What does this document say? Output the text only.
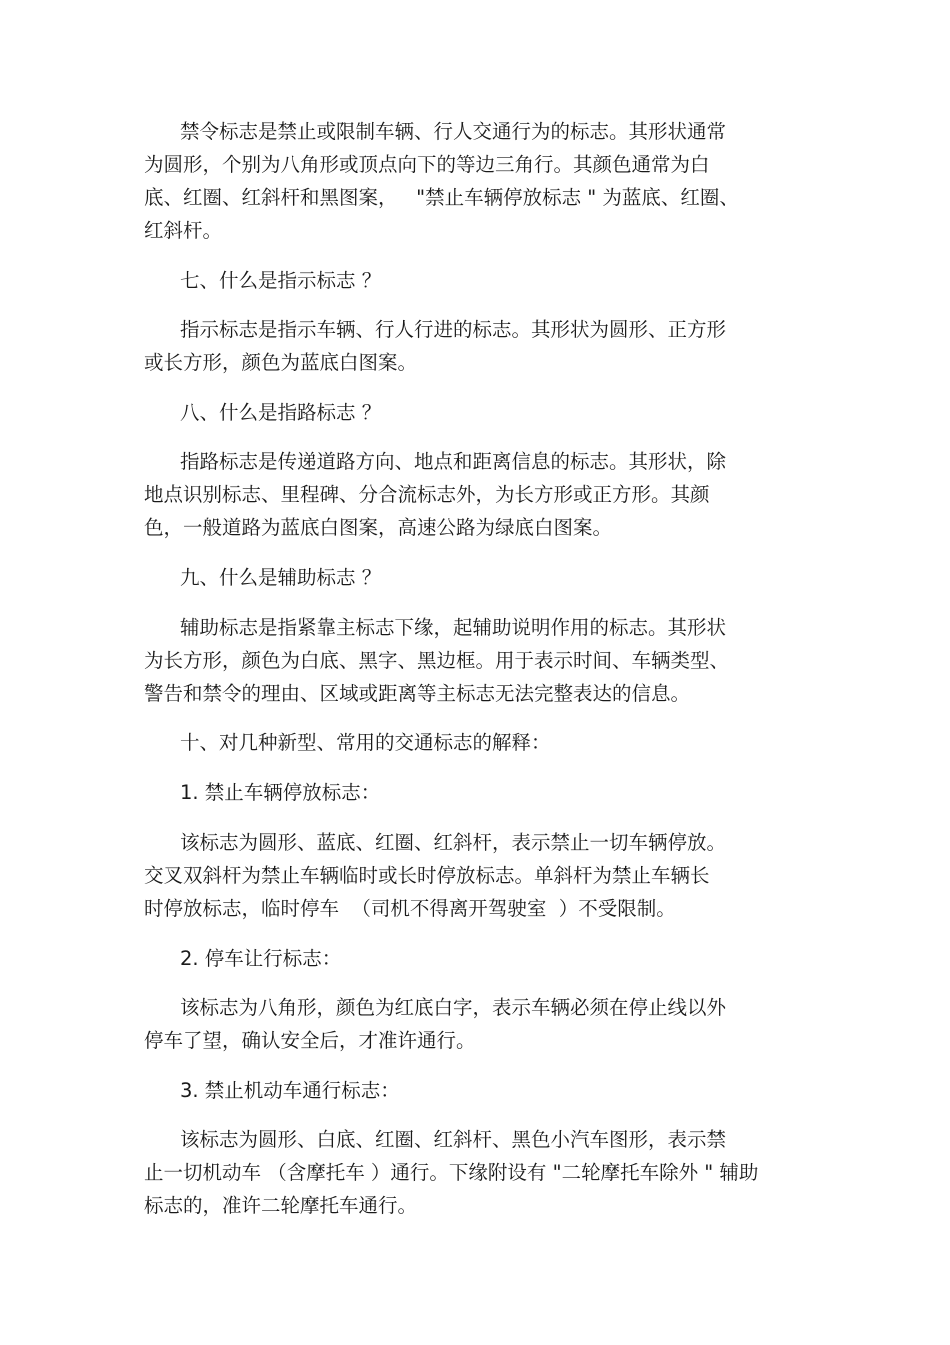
禁令标志是禁止或限制车辆、行人交通行为的标志。其形状通常
为圆形，个别为八角形或顶点向下的等边三角行。其颜色通常为白
底、红圈、红斜杆和黑图案，   "禁止车辆停放标志 " 为蓝底、红圈、
红斜杆。
七、什么是指示标志 ？
指示标志是指示车辆、行人行进的标志。其形状为圆形、正方形
或长方形，颜色为蓝底白图案。
八、什么是指路标志 ？
指路标志是传递道路方向、地点和距离信息的标志。其形状，除
地点识别标志、里程碑、分合流标志外，为长方形或正方形。其颜
色，一般道路为蓝底白图案，高速公路为绿底白图案。
九、什么是辅助标志 ？
辅助标志是指紧靠主标志下缘，起辅助说明作用的标志。其形状
为长方形，颜色为白底、黑字、黑边框。用于表示时间、车辆类型、
警告和禁令的理由、区域或距离等主标志无法完整表达的信息。
十、对几种新型、常用的交通标志的解释：
1. 禁止车辆停放标志：
该标志为圆形、蓝底、红圈、红斜杆，表示禁止一切车辆停放。
交叉双斜杆为禁止车辆临时或长时停放标志。单斜杆为禁止车辆长
时停放标志，临时停车  （司机不得离开驾驶室  ）不受限制。
2. 停车让行标志：
该标志为八角形，颜色为红底白字，表示车辆必须在停止线以外
停车了望，确认安全后，才准许通行。
3. 禁止机动车通行标志：
该标志为圆形、白底、红圈、红斜杆、黑色小汽车图形，表示禁
止一切机动车 （含摩托车 ）通行。下缘附设有 "二轮摩托车除外 " 辅助
标志的，准许二轮摩托车通行。
